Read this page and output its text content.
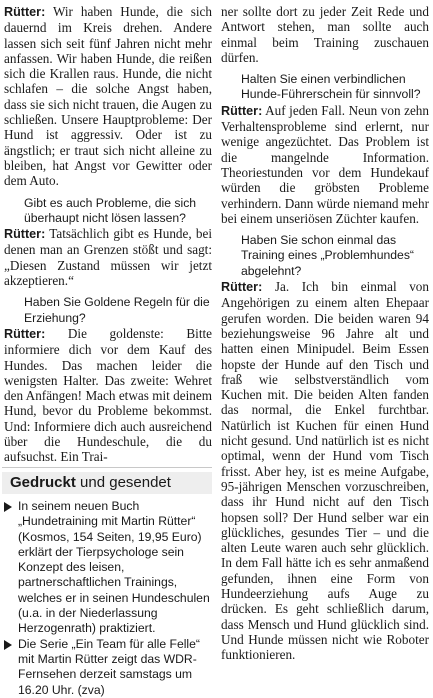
Rütter: Wir haben Hunde, die sich dauernd im Kreis drehen. Andere lassen sich seit fünf Jahren nicht mehr anfassen. Wir haben Hunde, die reißen sich die Krallen raus. Hunde, die nicht schlafen – die solche Angst haben, dass sie sich nicht trauen, die Augen zu schließen. Unsere Hauptprobleme: Der Hund ist aggressiv. Oder ist zu ängstlich; er traut sich nicht alleine zu bleiben, hat Angst vor Gewitter oder dem Auto.

Gibt es auch Probleme, die sich überhaupt nicht lösen lassen?

Rütter: Tatsächlich gibt es Hunde, bei denen man an Grenzen stößt und sagt: „Diesen Zustand müssen wir jetzt akzeptieren.“

Haben Sie Goldene Regeln für die Erziehung?

Rütter: Die goldenste: Bitte informiere dich vor dem Kauf des Hundes. Das machen leider die wenigsten Halter. Das zweite: Wehret den Anfängen! Mach etwas mit deinem Hund, bevor du Probleme bekommst. Und: Informiere dich auch ausreichend über die Hundeschule, die du aufsuchst. Ein Trai-

Gedruckt und gesendet
In seinem neuen Buch „Hundetraining mit Martin Rütter“ (Kosmos, 154 Seiten, 19,95 Euro) erklärt der Tierpsychologe sein Konzept des leisen, partnerschaftlichen Trainings, welches er in seinen Hundeschulen (u.a. in der Niederlassung Herzogenrath) praktiziert.
Die Serie „Ein Team für alle Felle“ mit Martin Rütter zeigt das WDR-Fernsehen derzeit samstags um 16.20 Uhr. (zva)

ner sollte dort zu jeder Zeit Rede und Antwort stehen, man sollte auch einmal beim Training zuschauen dürfen.

Halten Sie einen verbindlichen Hunde-Führerschein für sinnvoll?

Rütter: Auf jeden Fall. Neun von zehn Verhaltensprobleme sind erlernt, nur wenige angezüchtet. Das Problem ist die mangelnde Information. Theoriestunden vor dem Hundekauf würden die gröbsten Probleme verhindern. Dann würde niemand mehr bei einem unseriösen Züchter kaufen.

Haben Sie schon einmal das Training eines „Problemhundes“ abgelehnt?

Rütter: Ja. Ich bin einmal von Angehörigen zu einem alten Ehepaar gerufen worden. Die beiden waren 94 beziehungsweise 96 Jahre alt und hatten einen Minipudel. Beim Essen hopste der Hunde auf den Tisch und fraß wie selbstverständlich vom Kuchen mit. Die beiden Alten fanden das normal, die Enkel furchtbar. Natürlich ist Kuchen für einen Hund nicht gesund. Und natürlich ist es nicht optimal, wenn der Hund vom Tisch frisst. Aber hey, ist es meine Aufgabe, 95-jährigen Menschen vorzuschreiben, dass ihr Hund nicht auf den Tisch hopsen soll? Der Hund selber war ein glückliches, gesundes Tier – und die alten Leute waren auch sehr glücklich. In dem Fall hätte ich es sehr anmaßend gefunden, ihnen eine Form von Hundeerziehung aufs Auge zu drücken. Es geht schließlich darum, dass Mensch und Hund glücklich sind. Und Hunde müssen nicht wie Roboter funktionieren.
